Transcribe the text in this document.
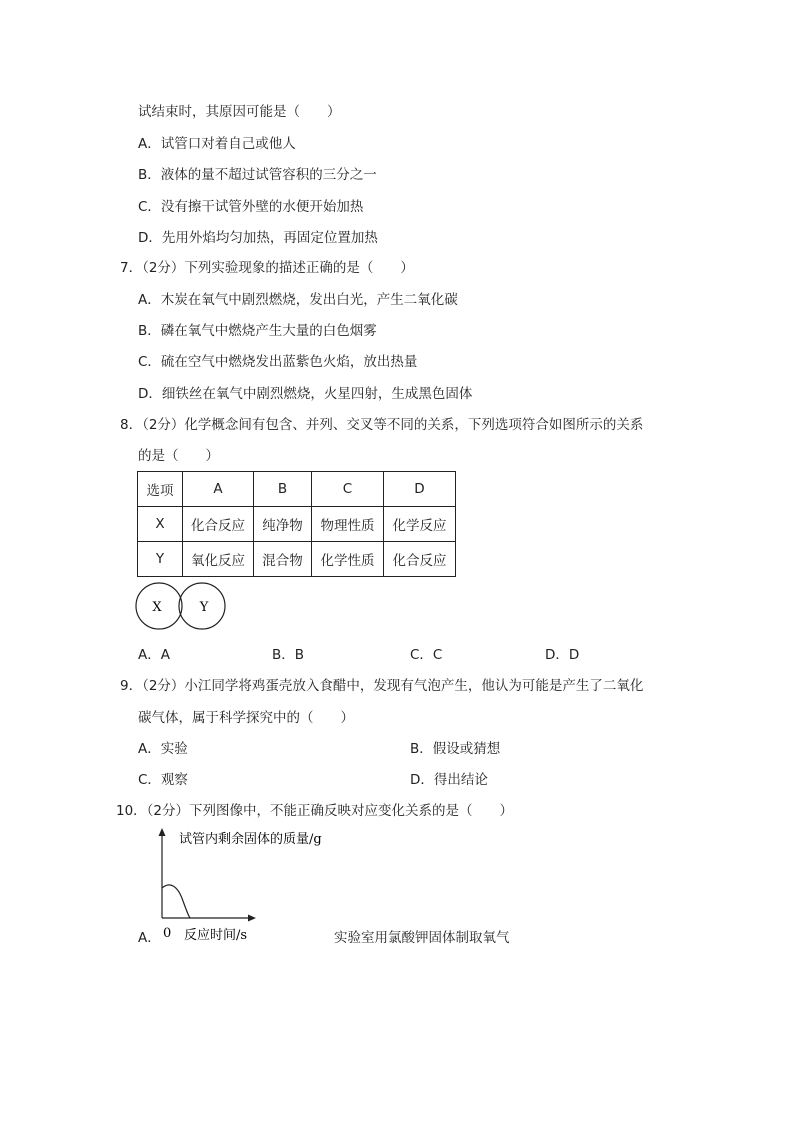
试结束时，其原因可能是（　　）
A．试管口对着自己或他人
B．液体的量不超过试管容积的三分之一
C．没有擦干试管外壁的水便开始加热
D．先用外焰均匀加热，再固定位置加热
7．（2分）下列实验现象的描述正确的是（　　）
A．木炭在氧气中剧烈燃烧，发出白光，产生二氧化碳
B．磷在氧气中燃烧产生大量的白色烟雾
C．硫在空气中燃烧发出蓝紫色火焰，放出热量
D．细铁丝在氧气中剧烈燃烧，火星四射，生成黑色固体
8．（2分）化学概念间有包含、并列、交叉等不同的关系，下列选项符合如图所示的关系
的是（　　）
选项	A	B	C	D
X	化合反应	纯净物	物理性质	化学反应
Y	氧化反应	混合物	化学性质	化合反应
X	Y
A．A	B．B	C．C	D．D
9．（2分）小江同学将鸡蛋壳放入食醋中，发现有气泡产生，他认为可能是产生了二氧化
碳气体，属于科学探究中的（　　）
A．实验	B．假设或猜想
C．观察	D．得出结论
10．（2分）下列图像中，不能正确反映对应变化关系的是（　　）
试管内剩余固体的质量/g
0 反应时间/s
A．	实验室用氯酸钾固体制取氧气
